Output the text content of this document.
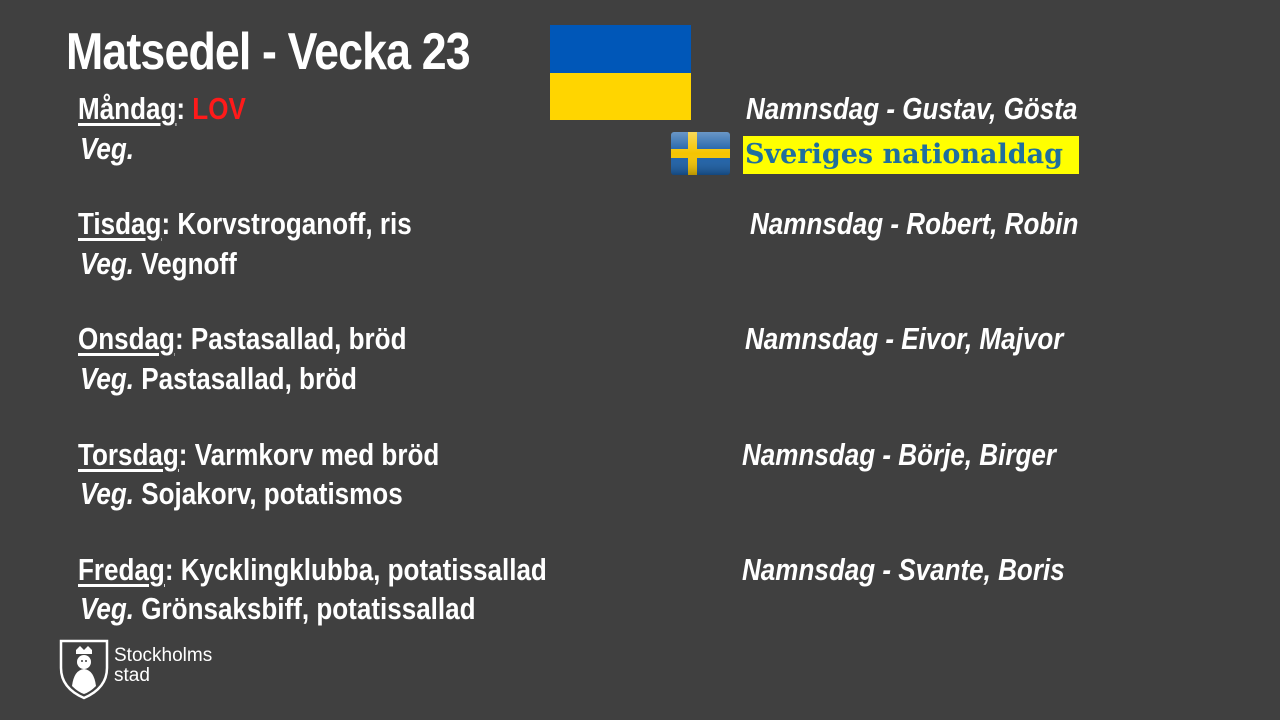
Matsedel - Vecka 23
Måndag: LOV
Veg.
Namnsdag - Gustav, Gösta
Sveriges nationaldag
Tisdag: Korvstroganoff, ris
Veg. Vegnoff
Namnsdag - Robert, Robin
Onsdag: Pastasallad, bröd
Veg. Pastasallad, bröd
Namnsdag - Eivor, Majvor
Torsdag: Varmkorv med bröd
Veg. Sojakorv, potatismos
Namnsdag - Börje, Birger
Fredag: Kycklingklubba, potatissallad
Veg. Grönsaksbiff, potatissallad
Namnsdag - Svante, Boris
Stockholms
stad
